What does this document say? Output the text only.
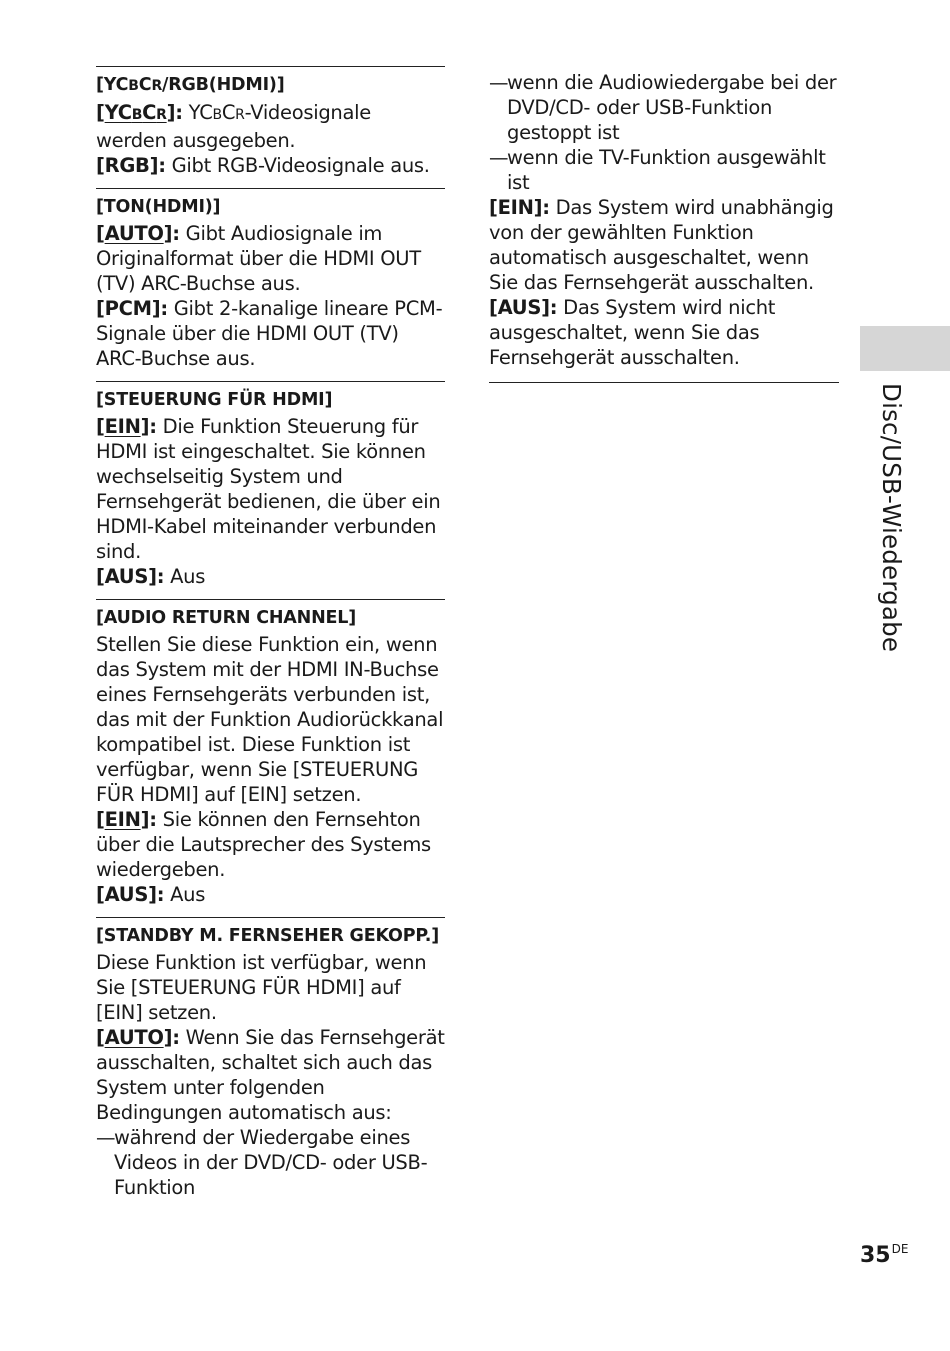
[YCBCR/RGB(HDMI)]

[YCBCR]: YCBCR-Videosignale werden ausgegeben.

[RGB]: Gibt RGB-Videosignale aus.

[TON(HDMI)]

[AUTO]: Gibt Audiosignale im Originalformat über die HDMI OUT (TV) ARC-Buchse aus.

[PCM]: Gibt 2-kanalige lineare PCM-Signale über die HDMI OUT (TV) ARC-Buchse aus.

[STEUERUNG FÜR HDMI]

[EIN]: Die Funktion Steuerung für HDMI ist eingeschaltet. Sie können wechselseitig System und Fernsehgerät bedienen, die über ein HDMI-Kabel miteinander verbunden sind.

[AUS]: Aus

[AUDIO RETURN CHANNEL]

Stellen Sie diese Funktion ein, wenn das System mit der HDMI IN-Buchse eines Fernsehgeräts verbunden ist, das mit der Funktion Audiorückkanal kompatibel ist. Diese Funktion ist verfügbar, wenn Sie [STEUERUNG FÜR HDMI] auf [EIN] setzen.

[EIN]: Sie können den Fernsehton über die Lautsprecher des Systems wiedergeben.

[AUS]: Aus

[STANDBY M. FERNSEHER GEKOPP.]

Diese Funktion ist verfügbar, wenn Sie [STEUERUNG FÜR HDMI] auf [EIN] setzen.

[AUTO]: Wenn Sie das Fernsehgerät ausschalten, schaltet sich auch das System unter folgenden Bedingungen automatisch aus:

—
während der Wiedergabe eines Videos in der DVD/CD- oder USB-Funktion
—
wenn die Audiowiedergabe bei der DVD/CD- oder USB-Funktion gestoppt ist
—
wenn die TV-Funktion ausgewählt ist

[EIN]: Das System wird unabhängig von der gewählten Funktion automatisch ausgeschaltet, wenn Sie das Fernsehgerät ausschalten.

[AUS]: Das System wird nicht ausgeschaltet, wenn Sie das Fernsehgerät ausschalten.

Disc/USB-Wiedergabe
35DE
